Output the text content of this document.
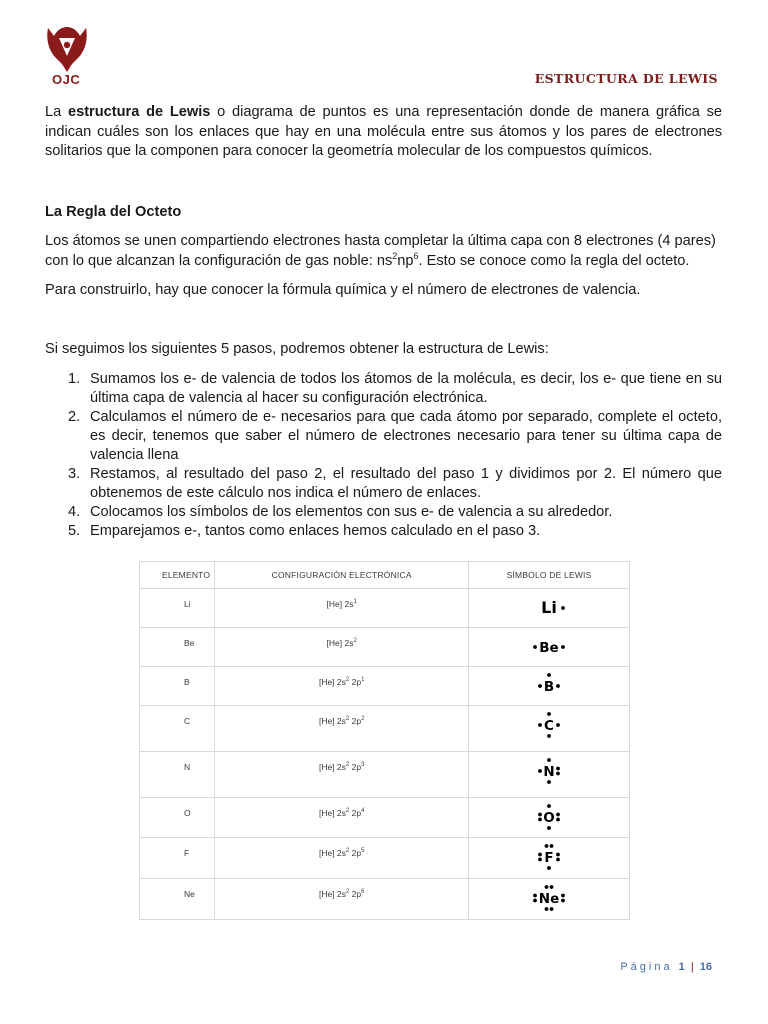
OJC	ESTRUCTURA DE LEWIS
La estructura de Lewis o diagrama de puntos es una representación donde de manera gráfica se indican cuáles son los enlaces que hay en una molécula entre sus átomos y los pares de electrones solitarios que la componen para conocer la geometría molecular de los compuestos químicos.
La Regla del Octeto
Los átomos se unen compartiendo electrones hasta completar la última capa con 8 electrones (4 pares) con lo que alcanzan la configuración de gas noble: $ns^2np^6$. Esto se conoce como la regla del octeto.
Para construirlo, hay que conocer la fórmula química y el número de electrones de valencia.
Si seguimos los siguientes 5 pasos, podremos obtener la estructura de Lewis:
1. Sumamos los e- de valencia de todos los átomos de la molécula, es decir, los e- que tiene en su última capa de valencia al hacer su configuración electrónica.
2. Calculamos el número de e- necesarios para que cada átomo por separado, complete el octeto, es decir, tenemos que saber el número de electrones necesario para tener su última capa de valencia llena
3. Restamos, al resultado del paso 2, el resultado del paso 1 y dividimos por 2. El número que obtenemos de este cálculo nos indica el número de enlaces.
4. Colocamos los símbolos de los elementos con sus e- de valencia a su alrededor.
5. Emparejamos e-, tantos como enlaces hemos calculado en el paso 3.
ELEMENTO	CONFIGURACIÓN ELECTRÓNICA	SÍMBOLO DE LEWIS
Li	[He] $2s^1$	Li

Be	[He] $2s^2$	Be

B	[He] $2s^2$ $2p^1$	B

C	[He] $2s^2$ $2p^2$	C

N	[He] $2s^2$ $2p^3$	N

O	[He] $2s^2$ $2p^4$	O

F	[He] $2s^2$ $2p^5$	F

Ne	[He] $2s^2$ $2p^6$	Ne
Página 1 | 16
